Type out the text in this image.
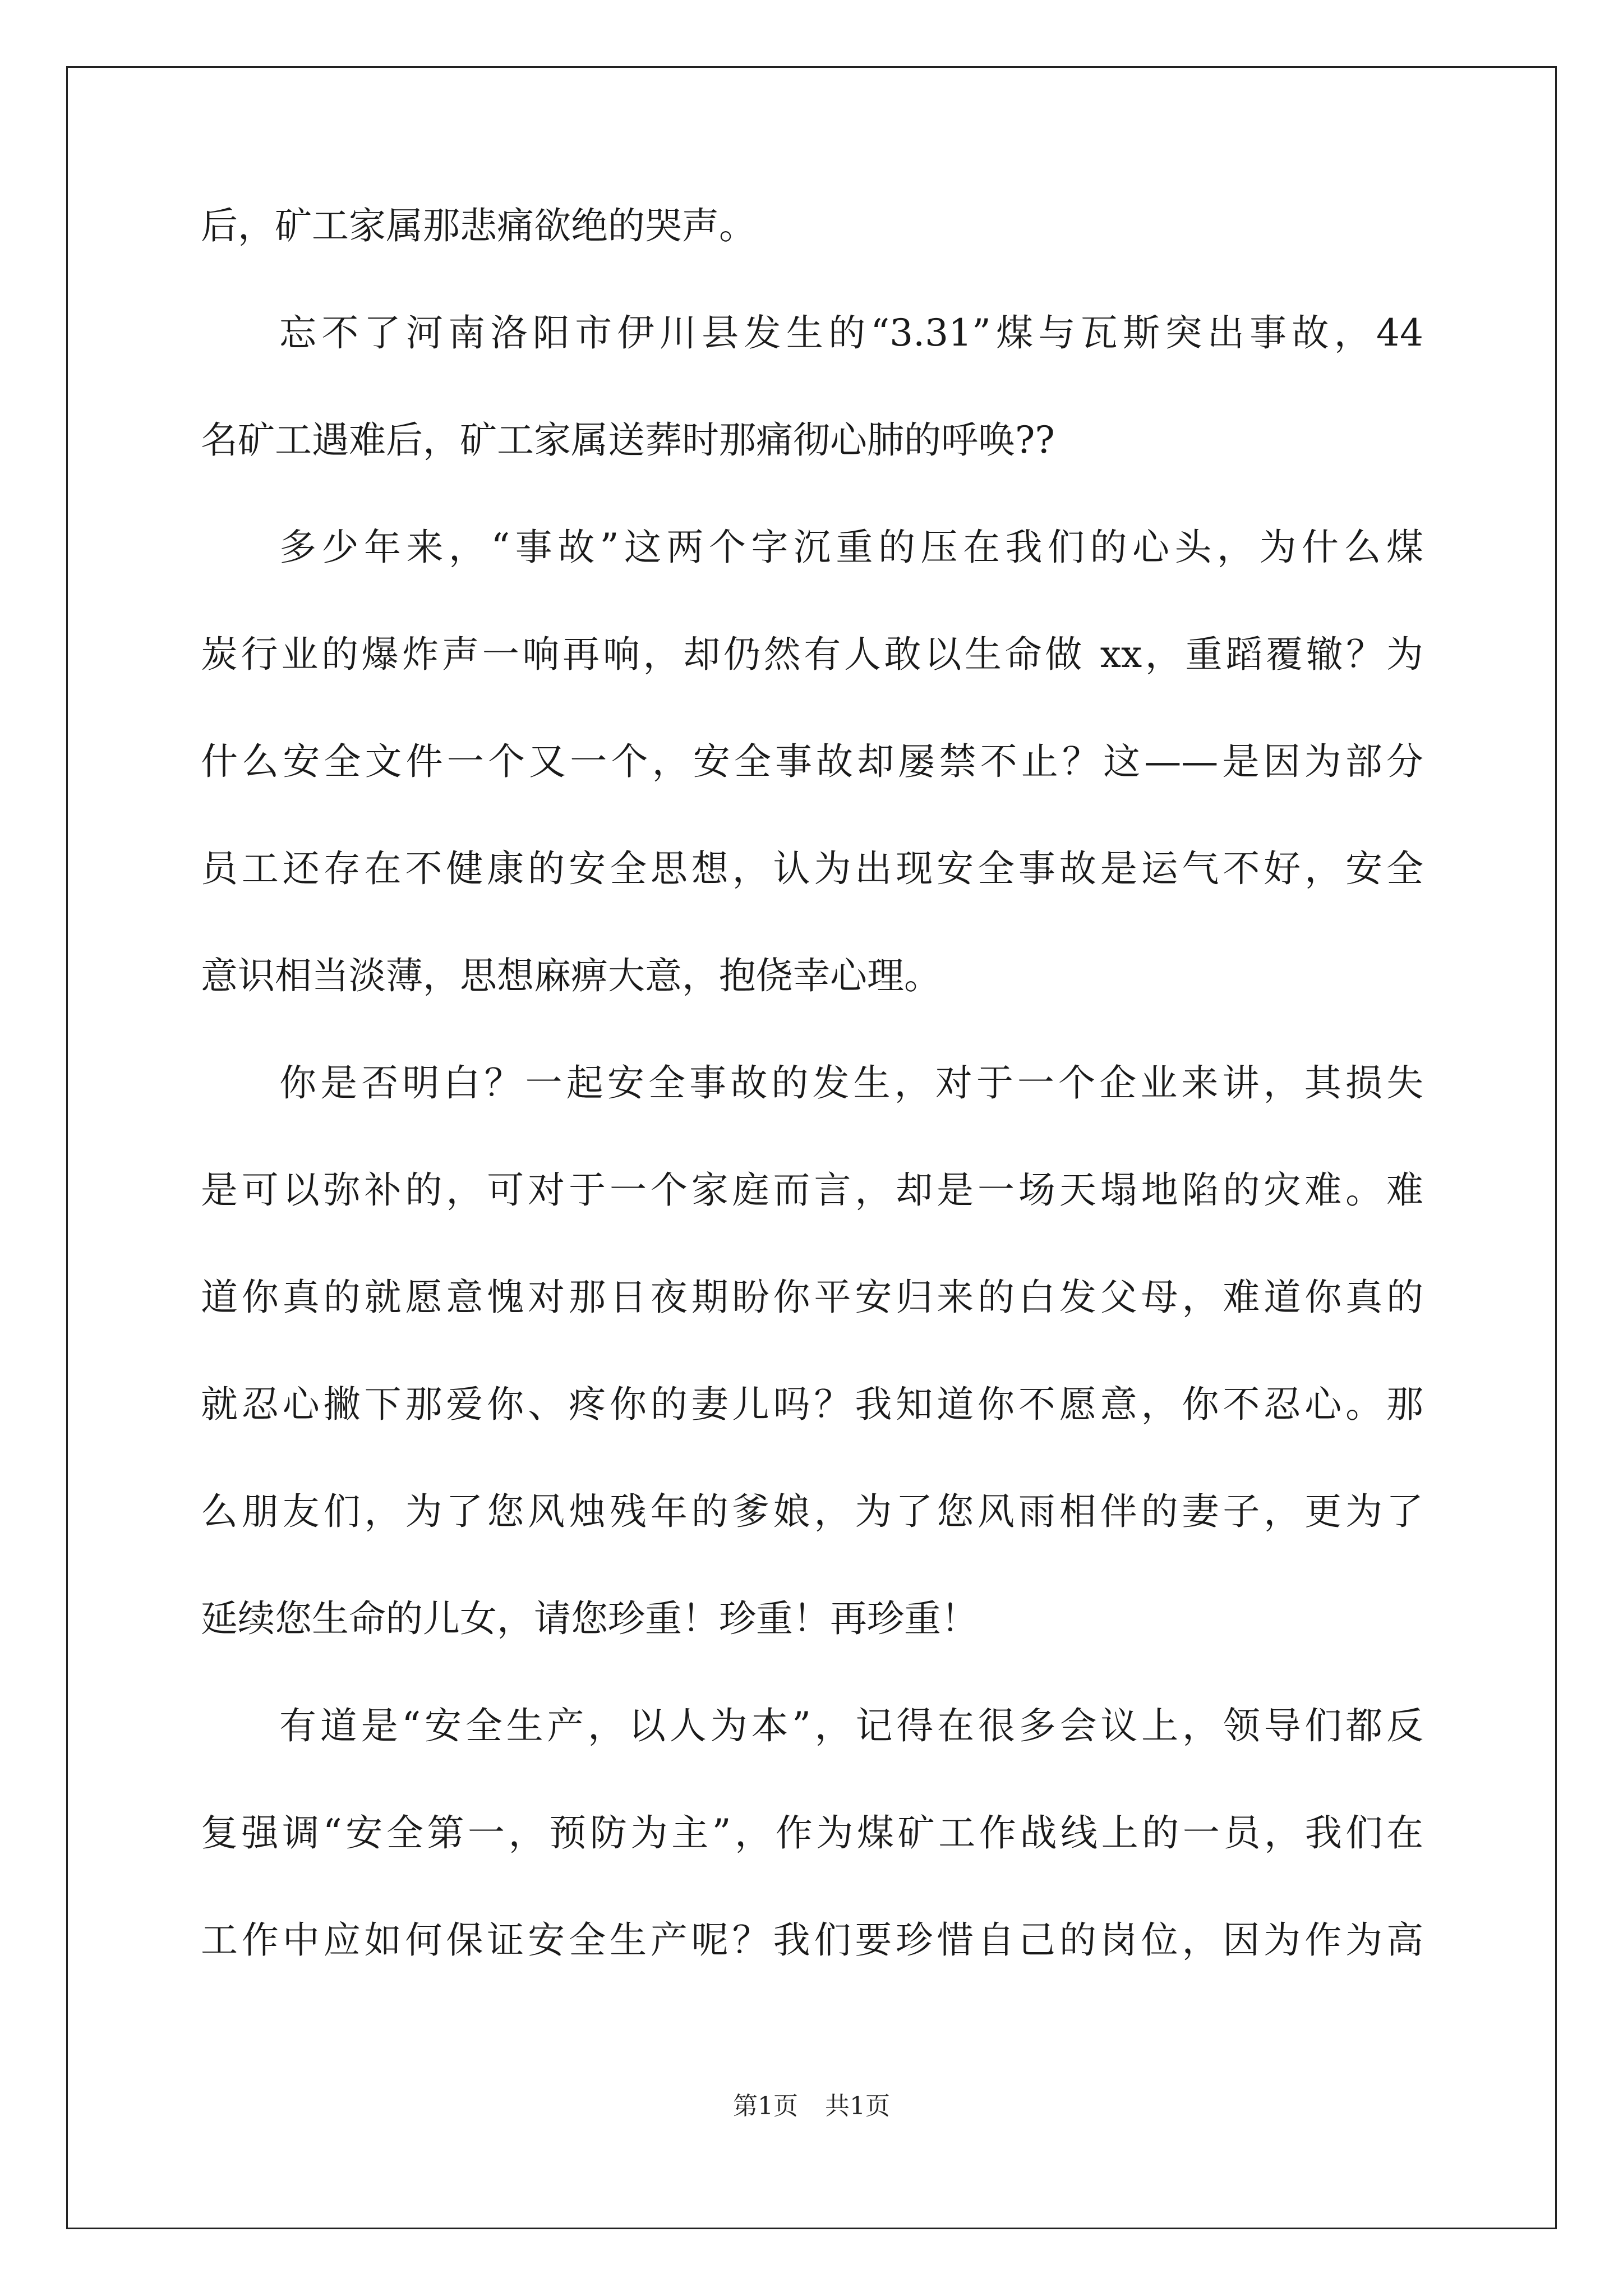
后，矿工家属那悲痛欲绝的哭声。
忘不了河南洛阳市伊川县发生的“3.31”煤与瓦斯突出事故，44
名矿工遇难后，矿工家属送葬时那痛彻心肺的呼唤??
多少年来，“事故”这两个字沉重的压在我们的心头，为什么煤
炭行业的爆炸声一响再响，却仍然有人敢以生命做 xx，重蹈覆辙？为
什么安全文件一个又一个，安全事故却屡禁不止？这——是因为部分
员工还存在不健康的安全思想，认为出现安全事故是运气不好，安全
意识相当淡薄，思想麻痹大意，抱侥幸心理。
你是否明白？一起安全事故的发生，对于一个企业来讲，其损失
是可以弥补的，可对于一个家庭而言，却是一场天塌地陷的灾难。难
道你真的就愿意愧对那日夜期盼你平安归来的白发父母，难道你真的
就忍心撇下那爱你、疼你的妻儿吗？我知道你不愿意，你不忍心。那
么朋友们，为了您风烛残年的爹娘，为了您风雨相伴的妻子，更为了
延续您生命的儿女，请您珍重！珍重！再珍重！
有道是“安全生产，以人为本”，记得在很多会议上，领导们都反
复强调“安全第一，预防为主”，作为煤矿工作战线上的一员，我们在
工作中应如何保证安全生产呢？我们要珍惜自己的岗位，因为作为高
第1页 共1页
